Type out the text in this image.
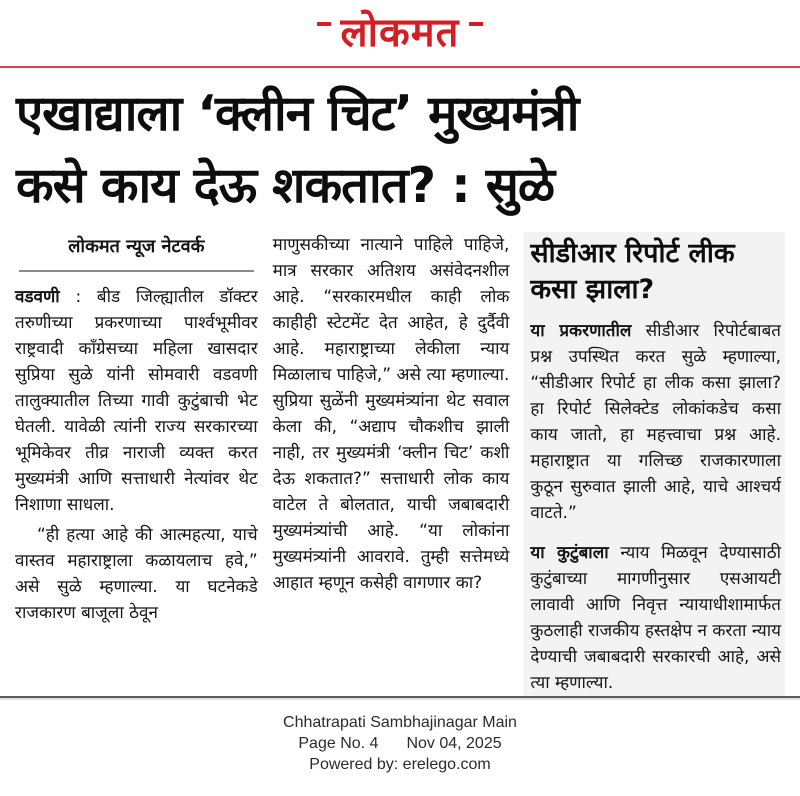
लोकमत
एखाद्याला ‘क्लीन चिट’ मुख्यमंत्री
कसे काय देऊ शकतात? : सुळे
लोकमत न्यूज नेटवर्क

वडवणी : बीड जिल्ह्यातील डॉक्टर तरुणीच्या प्रकरणाच्या पार्श्वभूमीवर राष्ट्रवादी काँग्रेसच्या महिला खासदार सुप्रिया सुळे यांनी सोमवारी वडवणी तालुक्यातील तिच्या गावी कुटुंबाची भेट घेतली. यावेळी त्यांनी राज्य सरकारच्या भूमिकेवर तीव्र नाराजी व्यक्त करत मुख्यमंत्री आणि सत्ताधारी नेत्यांवर थेट निशाणा साधला.

“ही हत्या आहे की आत्महत्या, याचे वास्तव महाराष्ट्राला कळायलाच हवे,” असे सुळे म्हणाल्या. या घटनेकडे राजकारण बाजूला ठेवून

माणुसकीच्या नात्याने पाहिले पाहिजे, मात्र सरकार अतिशय असंवेदनशील आहे. “सरकारमधील काही लोक काहीही स्टेटमेंट देत आहेत, हे दुर्दैवी आहे. महाराष्ट्राच्या लेकीला न्याय मिळालाच पाहिजे,” असे त्या म्हणाल्या. सुप्रिया सुळेंनी मुख्यमंत्र्यांना थेट सवाल केला की, “अद्याप चौकशीच झाली नाही, तर मुख्यमंत्री ‘क्लीन चिट’ कशी देऊ शकतात?” सत्ताधारी लोक काय वाटेल ते बोलतात, याची जबाबदारी मुख्यमंत्र्यांची आहे. “या लोकांना मुख्यमंत्र्यांनी आवरावे. तुम्ही सत्तेमध्ये आहात म्हणून कसेही वागणार का?

सीडीआर रिपोर्ट लीक कसा झाला?

या प्रकरणातील सीडीआर रिपोर्टबाबत प्रश्न उपस्थित करत सुळे म्हणाल्या, “सीडीआर रिपोर्ट हा लीक कसा झाला? हा रिपोर्ट सिलेक्टेड लोकांकडेच कसा काय जातो, हा महत्त्वाचा प्रश्न आहे. महाराष्ट्रात या गलिच्छ राजकारणाला कुठून सुरुवात झाली आहे, याचे आश्चर्य वाटते.”

या कुटुंबाला न्याय मिळवून देण्यासाठी कुटुंबाच्या मागणीनुसार एसआयटी लावावी आणि निवृत्त न्यायाधीशामार्फत कुठलाही राजकीय हस्तक्षेप न करता न्याय देण्याची जबाबदारी सरकारची आहे, असे त्या म्हणाल्या.

Chhatrapati Sambhajinagar Main
Page No. 4 Nov 04, 2025
Powered by: erelego.com
